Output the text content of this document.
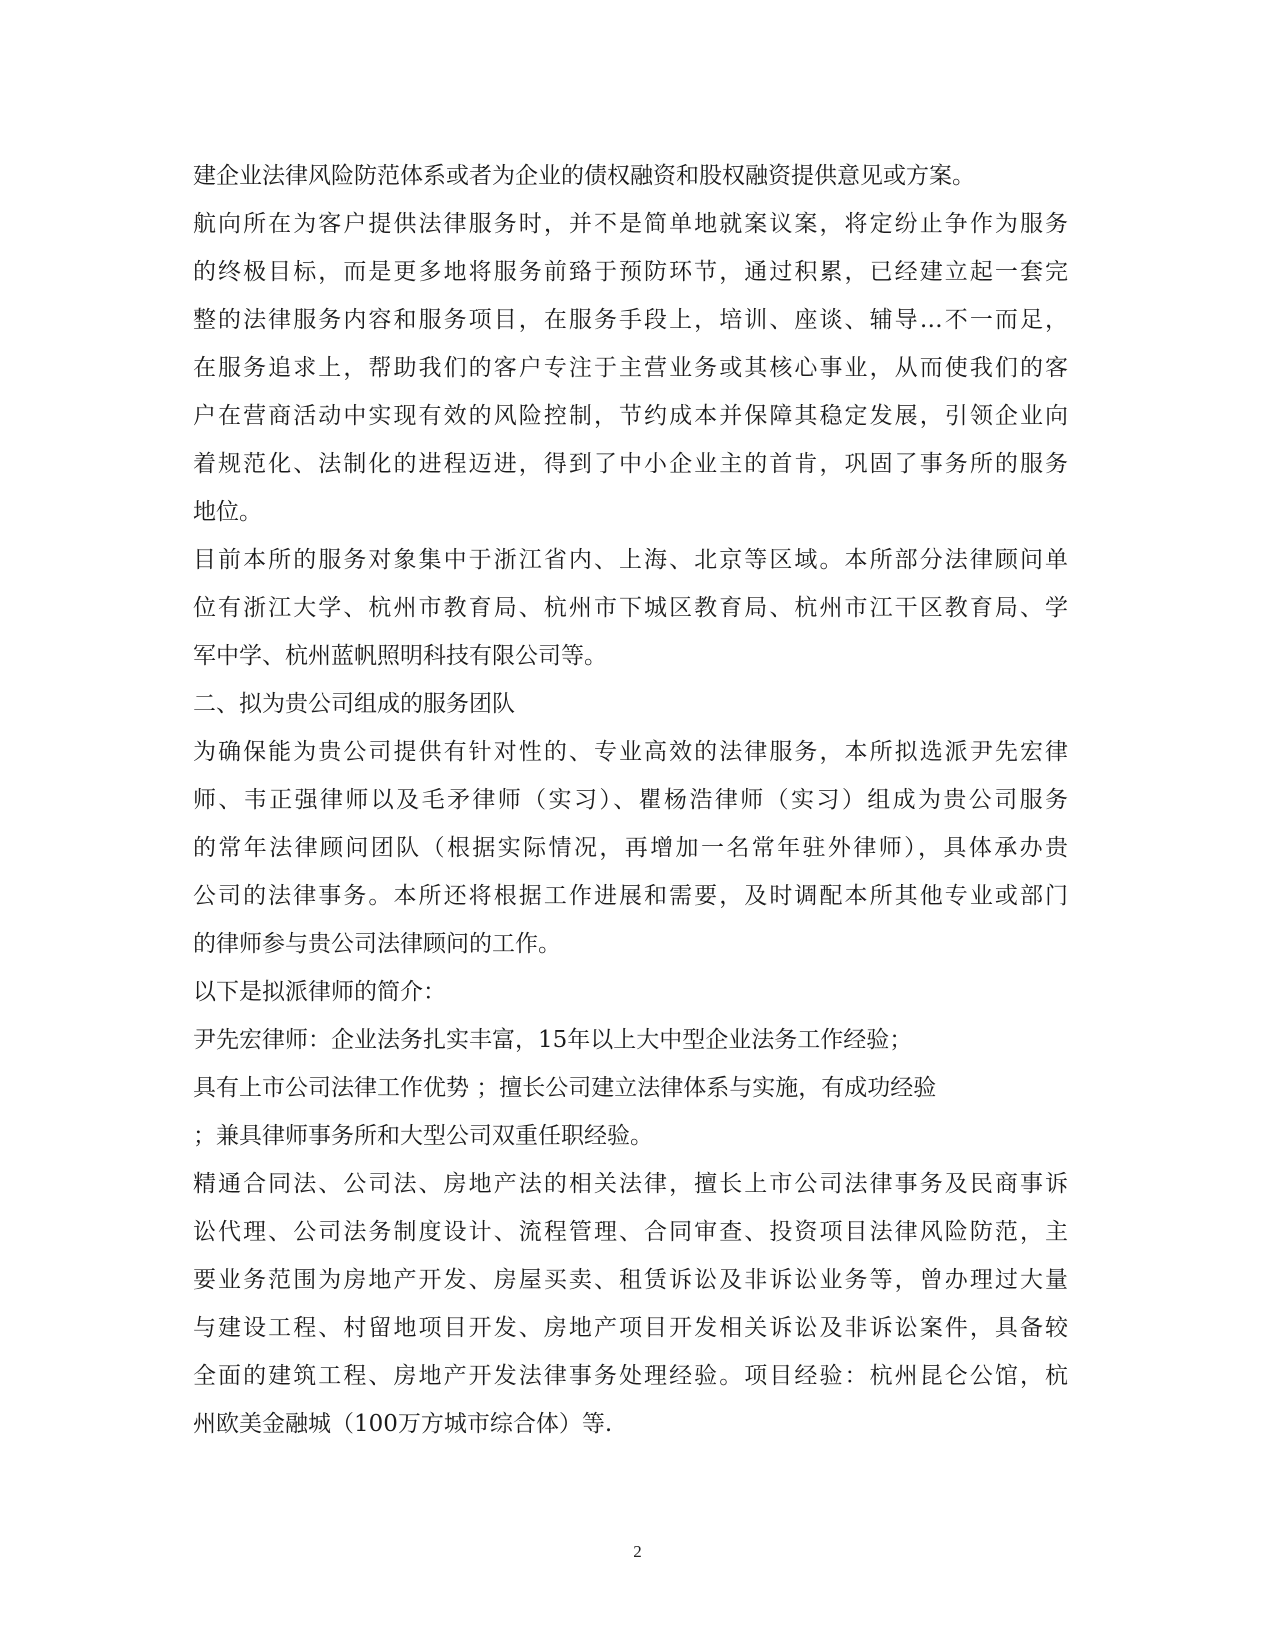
建企业法律风险防范体系或者为企业的债权融资和股权融资提供意见或方案。
航向所在为客户提供法律服务时，并不是简单地就案议案，将定纷止争作为服务
的终极目标，而是更多地将服务前臵于预防环节，通过积累，已经建立起一套完
整的法律服务内容和服务项目，在服务手段上，培训、座谈、辅导…不一而足，
在服务追求上，帮助我们的客户专注于主营业务或其核心事业，从而使我们的客
户在营商活动中实现有效的风险控制，节约成本并保障其稳定发展，引领企业向
着规范化、法制化的进程迈进，得到了中小企业主的首肯，巩固了事务所的服务
地位。
目前本所的服务对象集中于浙江省内、上海、北京等区域。本所部分法律顾问单
位有浙江大学、杭州市教育局、杭州市下城区教育局、杭州市江干区教育局、学
军中学、杭州蓝帆照明科技有限公司等。
二、拟为贵公司组成的服务团队
为确保能为贵公司提供有针对性的、专业高效的法律服务，本所拟选派尹先宏律
师、韦正强律师以及毛矛律师（实习）、瞿杨浩律师（实习）组成为贵公司服务
的常年法律顾问团队（根据实际情况，再增加一名常年驻外律师），具体承办贵
公司的法律事务。本所还将根据工作进展和需要，及时调配本所其他专业或部门
的律师参与贵公司法律顾问的工作。
以下是拟派律师的简介：
尹先宏律师：企业法务扎实丰富，15年以上大中型企业法务工作经验；
具有上市公司法律工作优势 ；擅长公司建立法律体系与实施，有成功经验
；兼具律师事务所和大型公司双重任职经验。
精通合同法、公司法、房地产法的相关法律，擅长上市公司法律事务及民商事诉
讼代理、公司法务制度设计、流程管理、合同审查、投资项目法律风险防范，主
要业务范围为房地产开发、房屋买卖、租赁诉讼及非诉讼业务等，曾办理过大量
与建设工程、村留地项目开发、房地产项目开发相关诉讼及非诉讼案件，具备较
全面的建筑工程、房地产开发法律事务处理经验。项目经验：杭州昆仑公馆，杭
州欧美金融城（100万方城市综合体）等.
2
